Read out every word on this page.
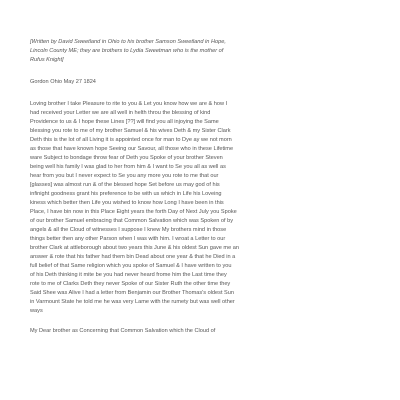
[Written by David Sweetland in Ohio to his brother Samson Sweetland in Hope,
Lincoln County ME; they are brothers to Lydia Sweetman who is the mother of
Rufus Knight]
Gordon Ohio May 27 1824
Loving brother I take Pleasure to rite to you & Let you know how we are & how I
had received your Letter we are all well in helth throu the blessing of kind
Providence to us & I hope these Lines [??] will find you all injoying the Same
blessing you rote to me of my brother Samuel & his wives Deth & my Sister Clark
Deth this is the lot of all Living it is appointed once for man to Dye ay we not morn
as those that have known hope Seeing our Savour, all those who in these Lifetime
ware Subject to bondage throw fear of Deth you Spoke of your brother Steven
being well his family I was glad to her from him & I want to Se you all as well as
hear from you but I never expect to Se you any more you rote to me that our
[glasses] was almost run & of the blessed hope Set before us may god of his
infinight goodness grant his preference to be with us which in Life his Loveing
kiness which better then Life you wished to know how Long I have been in this
Place, I have bin now in this Place Eight years the forth Day of Next July you Spoke
of our brother Samuel embracing that Common Salvation which was Spoken of by
angels & all the Cloud of witnesses I suppose I knew My brothers mind in those
things better then any other Parson when I was with him. I wroat a Letter to our
brother Clark at attleborough about two years this June & his oldest Sun gave me an
answer & rote that his father had them bin Dead about one year & that he Died in a
full belief of that Same religion which you spoke of Samuel & I have written to you
of his Deth thinking it mite be you had never heard frome him the Last time they
rote to me of Clarks Deth they never Spoke of our Sister Ruth the other time they
Said Shee was Alive I had a letter from Benjamin our Brother Thomas's oldest Sun
in Varmount State he told me he was very Lame with the rumety but was well other
ways
My Dear brother as Concerning that Common Salvation which the Cloud of
